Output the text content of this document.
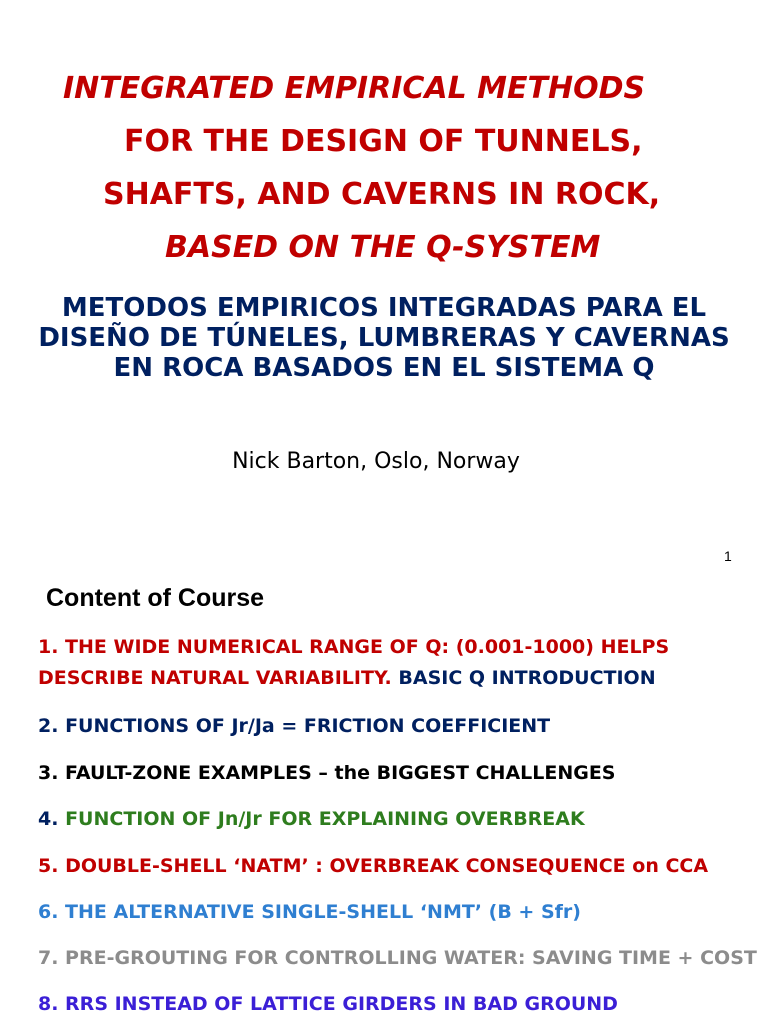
INTEGRATED EMPIRICAL METHODS
FOR THE DESIGN OF TUNNELS,
SHAFTS, AND CAVERNS IN ROCK,
BASED ON THE Q-SYSTEM
METODOS EMPIRICOS INTEGRADAS PARA EL
DISEÑO DE TÚNELES, LUMBRERAS Y CAVERNAS
EN ROCA BASADOS EN EL SISTEMA Q
Nick Barton, Oslo, Norway
1
Content of Course
1. THE WIDE NUMERICAL RANGE OF Q: (0.001-1000) HELPS
DESCRIBE NATURAL VARIABILITY. BASIC Q INTRODUCTION
2. FUNCTIONS OF Jr/Ja = FRICTION COEFFICIENT
3. FAULT-ZONE EXAMPLES – the BIGGEST CHALLENGES
4. FUNCTION OF Jn/Jr FOR EXPLAINING OVERBREAK
5. DOUBLE-SHELL ‘NATM’ : OVERBREAK CONSEQUENCE on CCA
6. THE ALTERNATIVE SINGLE-SHELL ‘NMT’ (B + Sfr)
7. PRE-GROUTING FOR CONTROLLING WATER: SAVING TIME + COST
8. RRS INSTEAD OF LATTICE GIRDERS IN BAD GROUND
